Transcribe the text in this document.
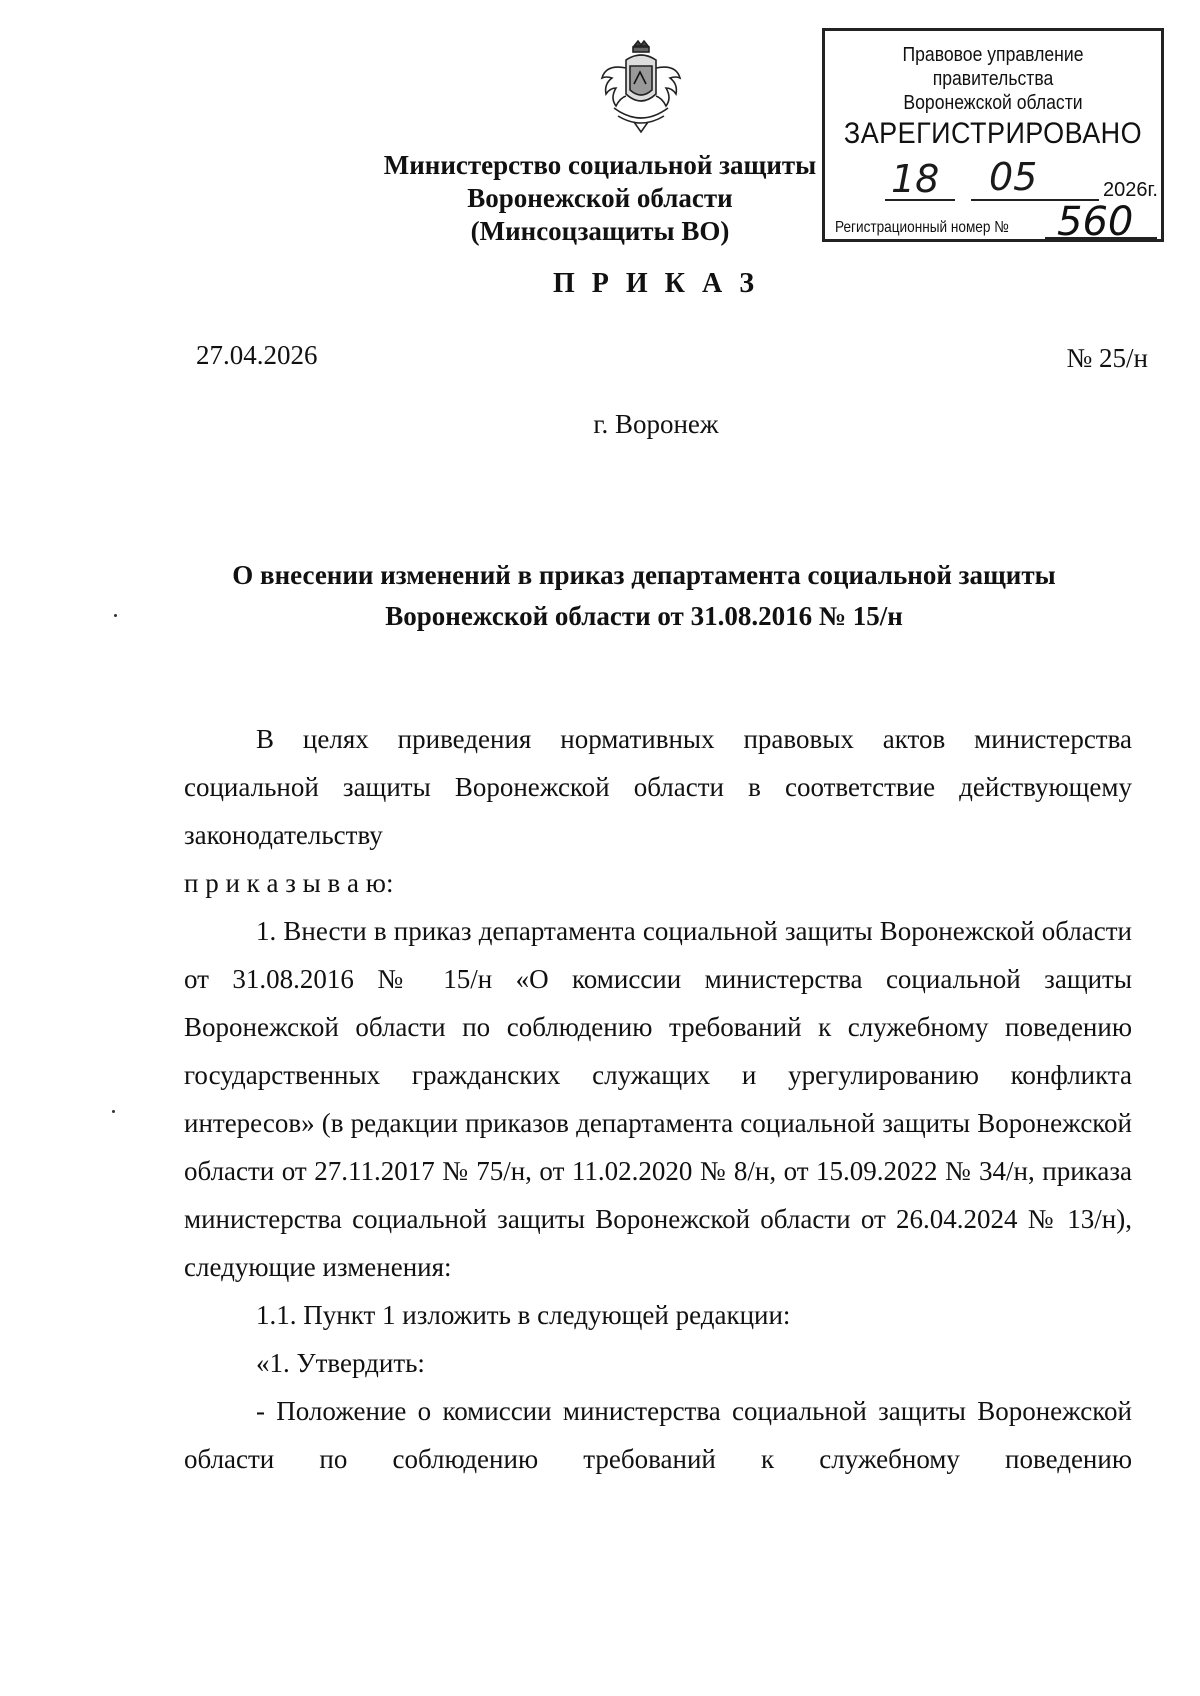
Министерство социальной защиты
Воронежской области
(Минсоцзащиты ВО)
Правовое управление правительства
Воронежской области
ЗАРЕГИСТРИРОВАНО
18 05	2026г.
Регистрационный номер № 560
П Р И К А З
27.04.2026	№ 25/н
г. Воронеж
О внесении изменений в приказ департамента социальной защиты
Воронежской области от 31.08.2016 № 15/н

В целях приведения нормативных правовых актов министерства социальной защиты Воронежской области в соответствие действующему законодательству

п р и к а з ы в а ю:

1. Внести в приказ департамента социальной защиты Воронежской области от 31.08.2016 № 15/н «О комиссии министерства социальной защиты Воронежской области по соблюдению требований к служебному поведению государственных гражданских служащих и урегулированию конфликта интересов» (в редакции приказов департамента социальной защиты Воронежской области от 27.11.2017 № 75/н, от 11.02.2020 № 8/н, от 15.09.2022 № 34/н, приказа министерства социальной защиты Воронежской области от 26.04.2024 № 13/н), следующие изменения:

1.1. Пункт 1 изложить в следующей редакции:

«1. Утвердить:

- Положение о комиссии министерства социальной защиты Воронежской области по соблюдению требований к служебному поведению
